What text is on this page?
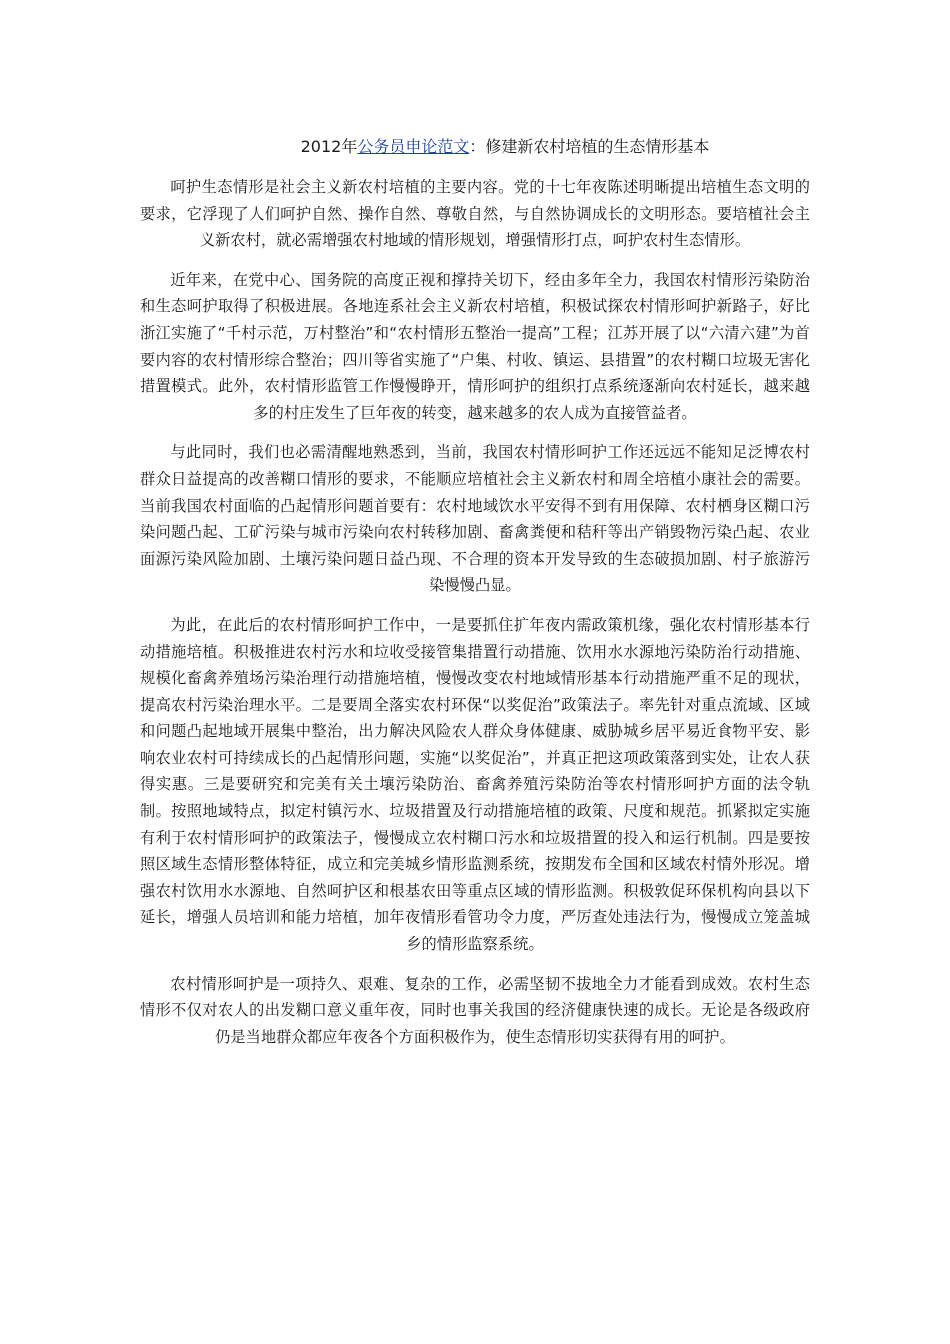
2012年公务员申论范文：修建新农村培植的生态情形基本

呵护生态情形是社会主义新农村培植的主要内容。党的十七年夜陈述明晰提出培植生态文明的要求，它浮现了人们呵护自然、操作自然、尊敬自然，与自然协调成长的文明形态。要培植社会主义新农村，就必需增强农村地域的情形规划，增强情形打点，呵护农村生态情形。

近年来，在党中心、国务院的高度正视和撑持关切下，经由多年全力，我国农村情形污染防治和生态呵护取得了积极进展。各地连系社会主义新农村培植，积极试探农村情形呵护新路子，好比浙江实施了“千村示范，万村整治”和“农村情形五整治一提高”工程；江苏开展了以“六清六建”为首要内容的农村情形综合整治；四川等省实施了“户集、村收、镇运、县措置”的农村糊口垃圾无害化措置模式。此外，农村情形监管工作慢慢睁开，情形呵护的组织打点系统逐渐向农村延长，越来越多的村庄发生了巨年夜的转变，越来越多的农人成为直接管益者。

与此同时，我们也必需清醒地熟悉到，当前，我国农村情形呵护工作还远远不能知足泛博农村群众日益提高的改善糊口情形的要求，不能顺应培植社会主义新农村和周全培植小康社会的需要。当前我国农村面临的凸起情形问题首要有：农村地域饮水平安得不到有用保障、农村栖身区糊口污染问题凸起、工矿污染与城市污染向农村转移加剧、畜禽粪便和秸秆等出产销毁物污染凸起、农业面源污染风险加剧、土壤污染问题日益凸现、不合理的资本开发导致的生态破损加剧、村子旅游污染慢慢凸显。

为此，在此后的农村情形呵护工作中，一是要抓住扩年夜内需政策机缘，强化农村情形基本行动措施培植。积极推进农村污水和垃收受接管集措置行动措施、饮用水水源地污染防治行动措施、规模化畜禽养殖场污染治理行动措施培植，慢慢改变农村地域情形基本行动措施严重不足的现状，提高农村污染治理水平。二是要周全落实农村环保“以奖促治”政策法子。率先针对重点流域、区域和问题凸起地域开展集中整治，出力解决风险农人群众身体健康、威胁城乡居平易近食物平安、影响农业农村可持续成长的凸起情形问题，实施“以奖促治”，并真正把这项政策落到实处，让农人获得实惠。三是要研究和完美有关土壤污染防治、畜禽养殖污染防治等农村情形呵护方面的法令轨制。按照地域特点，拟定村镇污水、垃圾措置及行动措施培植的政策、尺度和规范。抓紧拟定实施有利于农村情形呵护的政策法子，慢慢成立农村糊口污水和垃圾措置的投入和运行机制。四是要按照区域生态情形整体特征，成立和完美城乡情形监测系统，按期发布全国和区域农村情外形况。增强农村饮用水水源地、自然呵护区和根基农田等重点区域的情形监测。积极敦促环保机构向县以下延长，增强人员培训和能力培植，加年夜情形看管功令力度，严厉查处违法行为，慢慢成立笼盖城乡的情形监察系统。

农村情形呵护是一项持久、艰难、复杂的工作，必需坚韧不拔地全力才能看到成效。农村生态情形不仅对农人的出发糊口意义重年夜，同时也事关我国的经济健康快速的成长。无论是各级政府仍是当地群众都应年夜各个方面积极作为，使生态情形切实获得有用的呵护。
